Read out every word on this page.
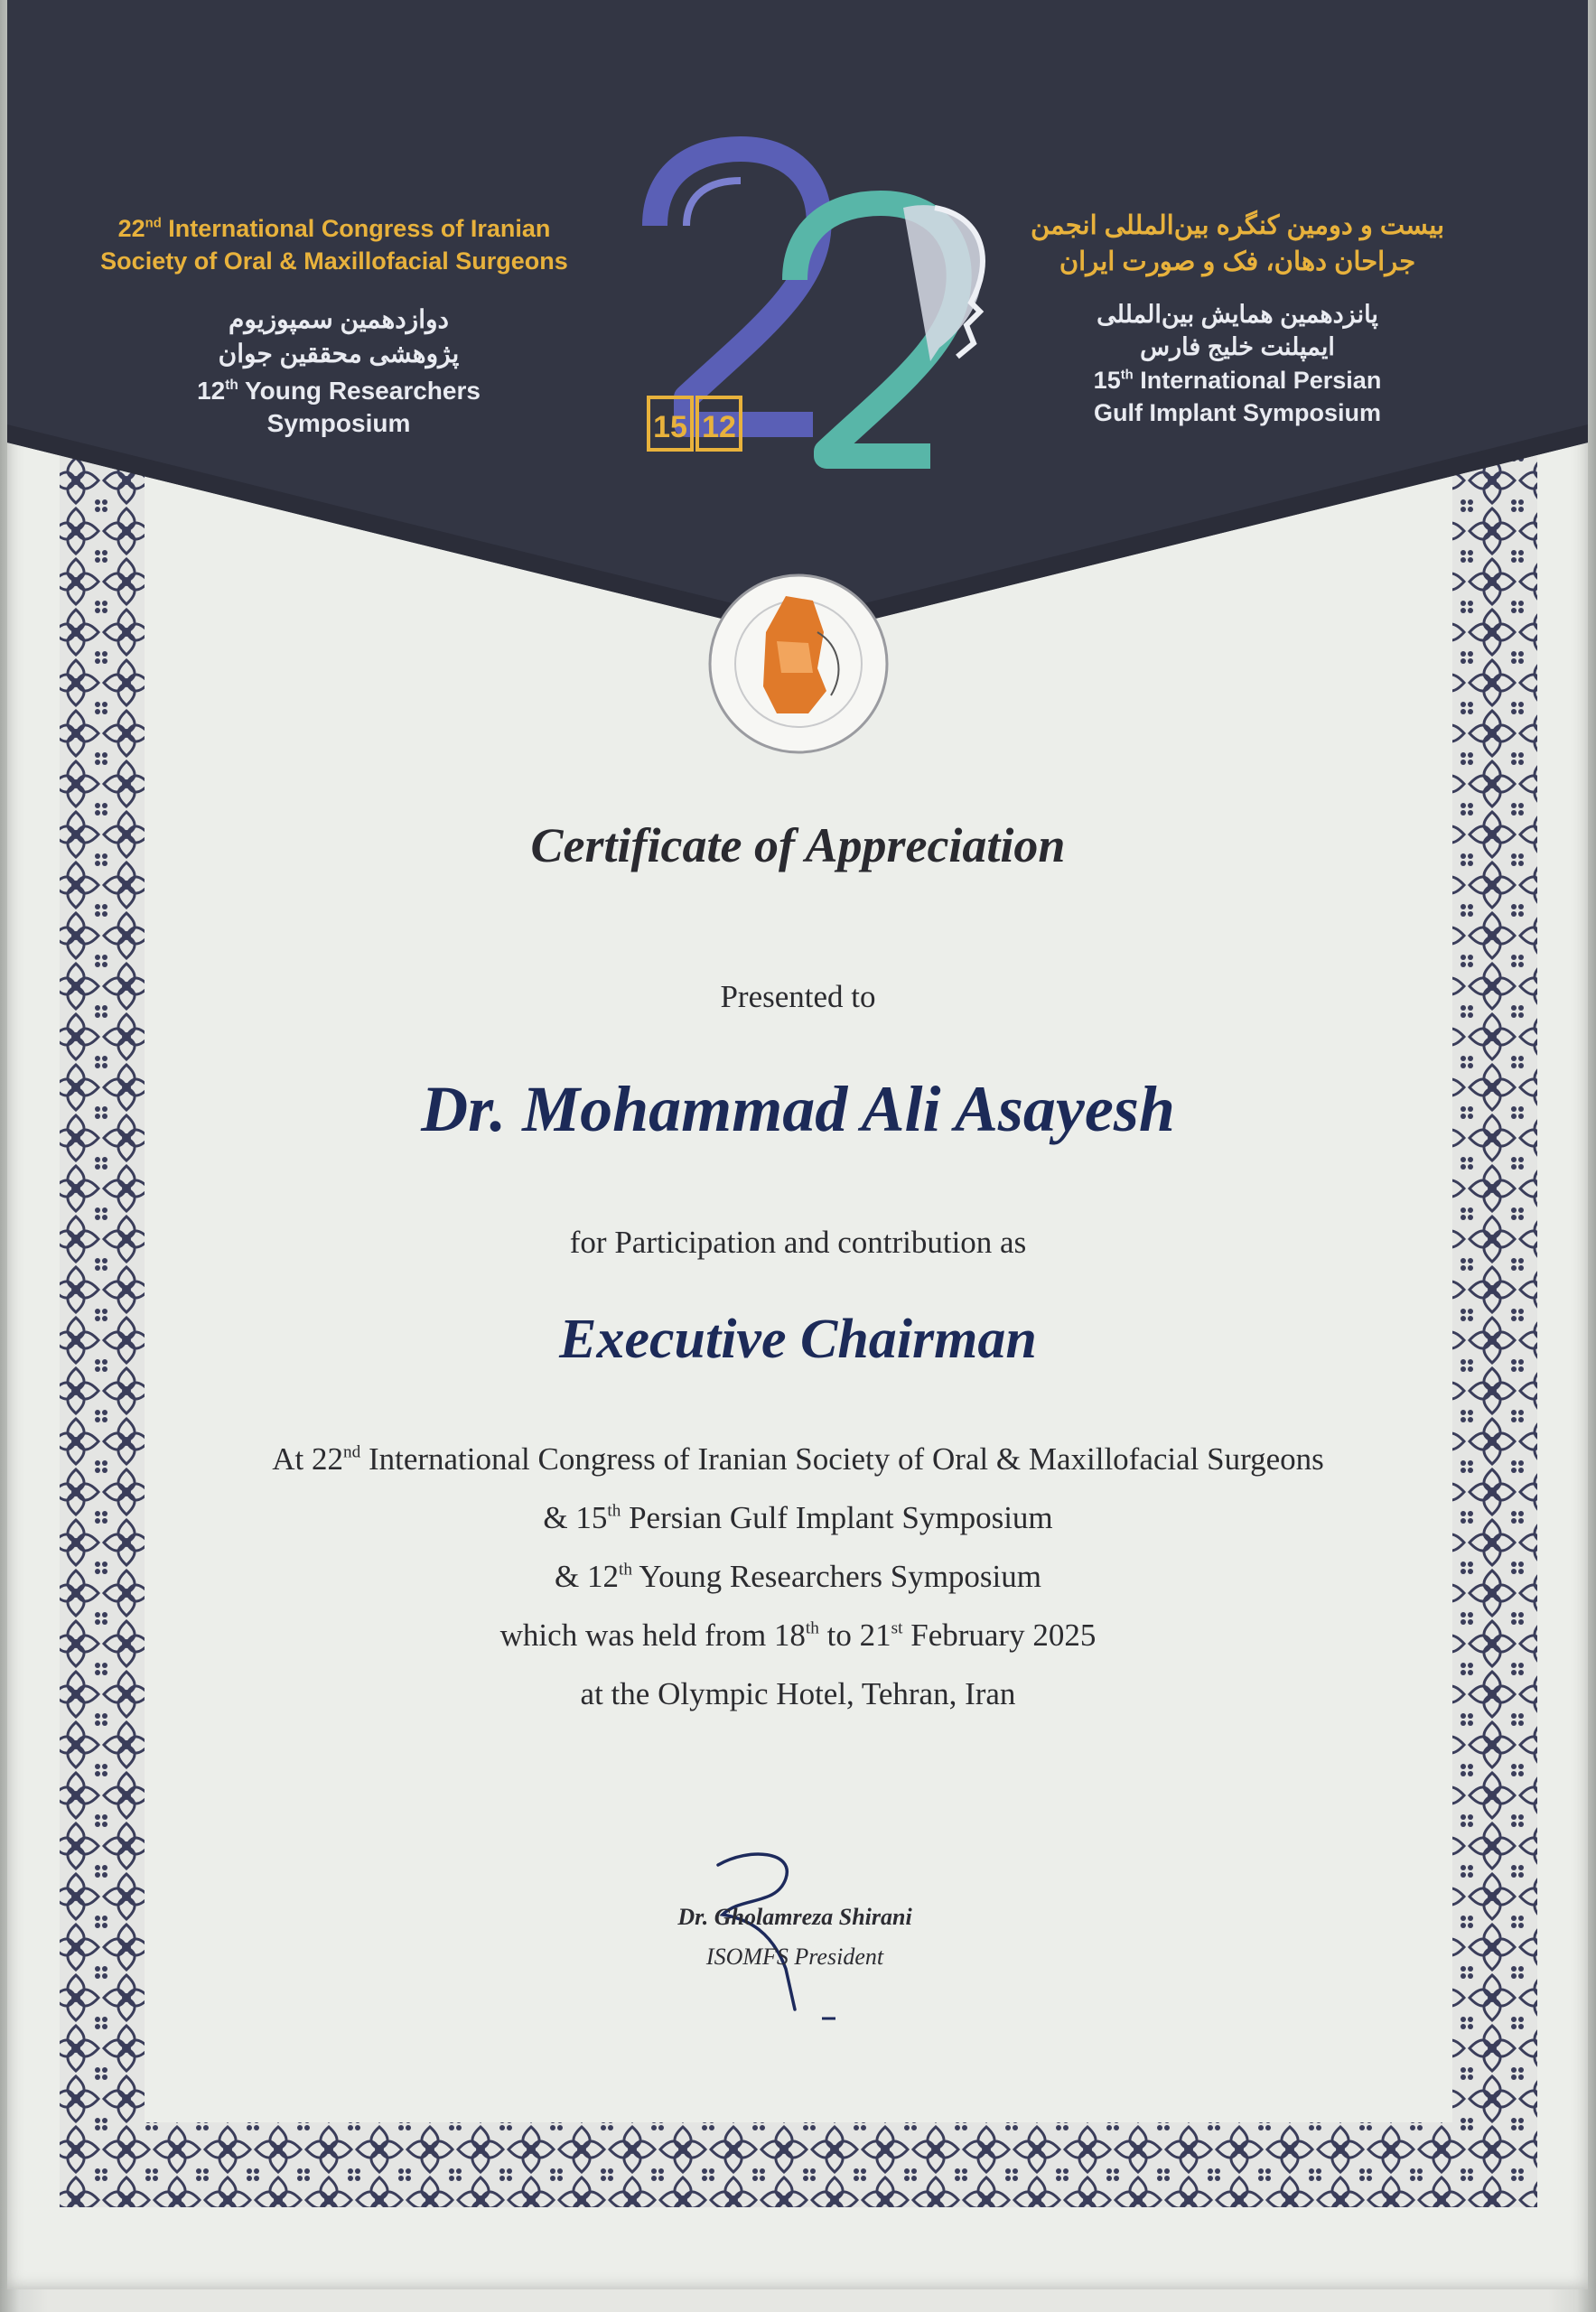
15 12
22nd International Congress of Iranian
Society of Oral & Maxillofacial Surgeons
دوازدهمین سمپوزیوم
پژوهشی محققین جوان
12th Young Researchers
Symposium
بیست و دومین کنگره بین‌المللی انجمن
جراحان دهان، فک و صورت ایران
پانزدهمین همایش بین‌المللی
ایمپلنت خلیج فارس
15th International Persian
Gulf Implant Symposium
Certificate of Appreciation
Presented to
Dr. Mohammad Ali Asayesh
for Participation and contribution as
Executive Chairman
At 22nd International Congress of Iranian Society of Oral & Maxillofacial Surgeons
& 15th Persian Gulf Implant Symposium
& 12th Young Researchers Symposium
which was held from 18th to 21st February 2025
at the Olympic Hotel, Tehran, Iran
Dr. Gholamreza Shirani
ISOMFS President
